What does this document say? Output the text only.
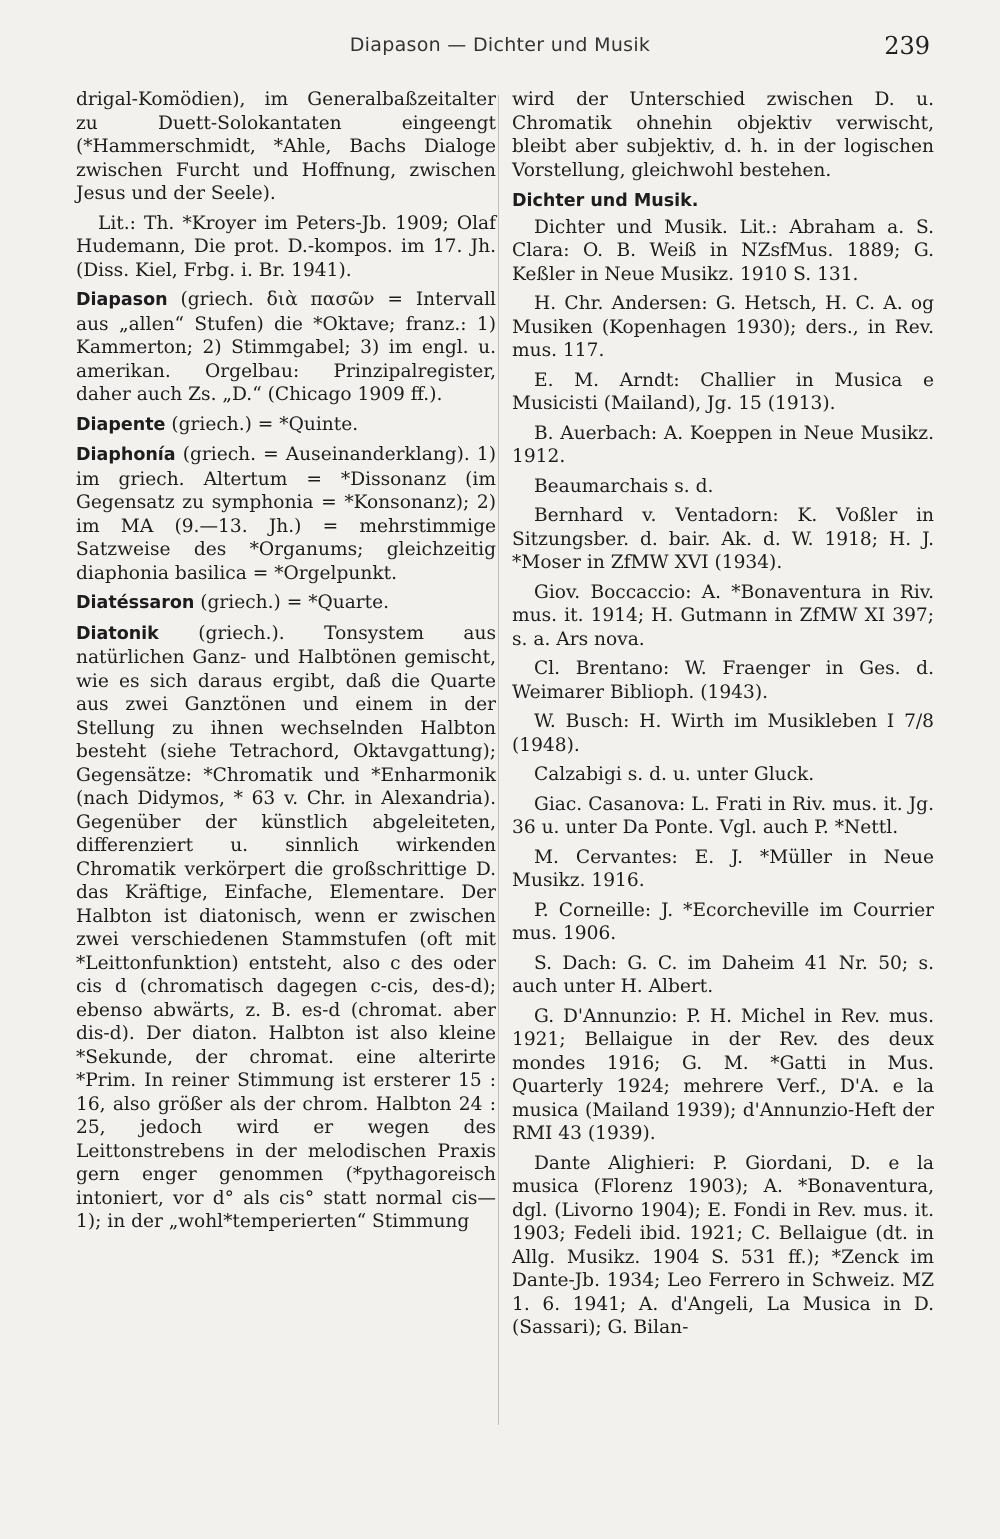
Diapason — Dichter und Musik	239

drigal-Komödien), im Generalbaßzeitalter zu Duett-Solokantaten eingeengt (*Hammerschmidt, *Ahle, Bachs Dialoge zwischen Furcht und Hoffnung, zwischen Jesus und der Seele).

Lit.: Th. *Kroyer im Peters-Jb. 1909; Olaf Hudemann, Die prot. D.-kompos. im 17. Jh. (Diss. Kiel, Frbg. i. Br. 1941).

Diapason (griech. διὰ πασῶν = Intervall aus „allen“ Stufen) die *Oktave; franz.: 1) Kammerton; 2) Stimmgabel; 3) im engl. u. amerikan. Orgelbau: Prinzipalregister, daher auch Zs. „D.“ (Chicago 1909 ff.).

Diapente (griech.) = *Quinte.

Diaphonía (griech. = Auseinanderklang). 1) im griech. Altertum = *Dissonanz (im Gegensatz zu symphonia = *Konsonanz); 2) im MA (9.—13. Jh.) = mehrstimmige Satzweise des *Organums; gleichzeitig diaphonia basilica = *Orgelpunkt.

Diatéssaron (griech.) = *Quarte.

Diatonik (griech.). Tonsystem aus natürlichen Ganz- und Halbtönen gemischt, wie es sich daraus ergibt, daß die Quarte aus zwei Ganztönen und einem in der Stellung zu ihnen wechselnden Halbton besteht (siehe Tetrachord, Oktavgattung); Gegensätze: *Chromatik und *Enharmonik (nach Didymos, * 63 v. Chr. in Alexandria). Gegenüber der künstlich abgeleiteten, differenziert u. sinnlich wirkenden Chromatik verkörpert die großschrittige D. das Kräftige, Einfache, Elementare. Der Halbton ist diatonisch, wenn er zwischen zwei verschiedenen Stammstufen (oft mit *Leittonfunktion) entsteht, also c des oder cis d (chromatisch dagegen c-cis, des-d); ebenso abwärts, z. B. es-d (chromat. aber dis-d). Der diaton. Halbton ist also kleine *Sekunde, der chromat. eine alterirte *Prim. In reiner Stimmung ist ersterer 15 : 16, also größer als der chrom. Halbton 24 : 25, jedoch wird er wegen des Leittonstrebens in der melodischen Praxis gern enger genommen (*pythagoreisch intoniert, vor d° als cis° statt normal cis—1); in der „wohl*temperierten“ Stimmung

wird der Unterschied zwischen D. u. Chromatik ohnehin objektiv verwischt, bleibt aber subjektiv, d. h. in der logischen Vorstellung, gleichwohl bestehen.

Dichter und Musik.

Dichter und Musik. Lit.: Abraham a. S. Clara: O. B. Weiß in NZsfMus. 1889; G. Keßler in Neue Musikz. 1910 S. 131.

H. Chr. Andersen: G. Hetsch, H. C. A. og Musiken (Kopenhagen 1930); ders., in Rev. mus. 117.

E. M. Arndt: Challier in Musica e Musicisti (Mailand), Jg. 15 (1913).

B. Auerbach: A. Koeppen in Neue Musikz. 1912.

Beaumarchais s. d.

Bernhard v. Ventadorn: K. Voßler in Sitzungsber. d. bair. Ak. d. W. 1918; H. J. *Moser in ZfMW XVI (1934).

Giov. Boccaccio: A. *Bonaventura in Riv. mus. it. 1914; H. Gutmann in ZfMW XI 397; s. a. Ars nova.

Cl. Brentano: W. Fraenger in Ges. d. Weimarer Biblioph. (1943).

W. Busch: H. Wirth im Musikleben I 7/8 (1948).

Calzabigi s. d. u. unter Gluck.

Giac. Casanova: L. Frati in Riv. mus. it. Jg. 36 u. unter Da Ponte. Vgl. auch P. *Nettl.

M. Cervantes: E. J. *Müller in Neue Musikz. 1916.

P. Corneille: J. *Ecorcheville im Courrier mus. 1906.

S. Dach: G. C. im Daheim 41 Nr. 50; s. auch unter H. Albert.

G. D'Annunzio: P. H. Michel in Rev. mus. 1921; Bellaigue in der Rev. des deux mondes 1916; G. M. *Gatti in Mus. Quarterly 1924; mehrere Verf., D'A. e la musica (Mailand 1939); d'Annunzio-Heft der RMI 43 (1939).

Dante Alighieri: P. Giordani, D. e la musica (Florenz 1903); A. *Bonaventura, dgl. (Livorno 1904); E. Fondi in Rev. mus. it. 1903; Fedeli ibid. 1921; C. Bellaigue (dt. in Allg. Musikz. 1904 S. 531 ff.); *Zenck im Dante-Jb. 1934; Leo Ferrero in Schweiz. MZ 1. 6. 1941; A. d'Angeli, La Musica in D. (Sassari); G. Bilan-
